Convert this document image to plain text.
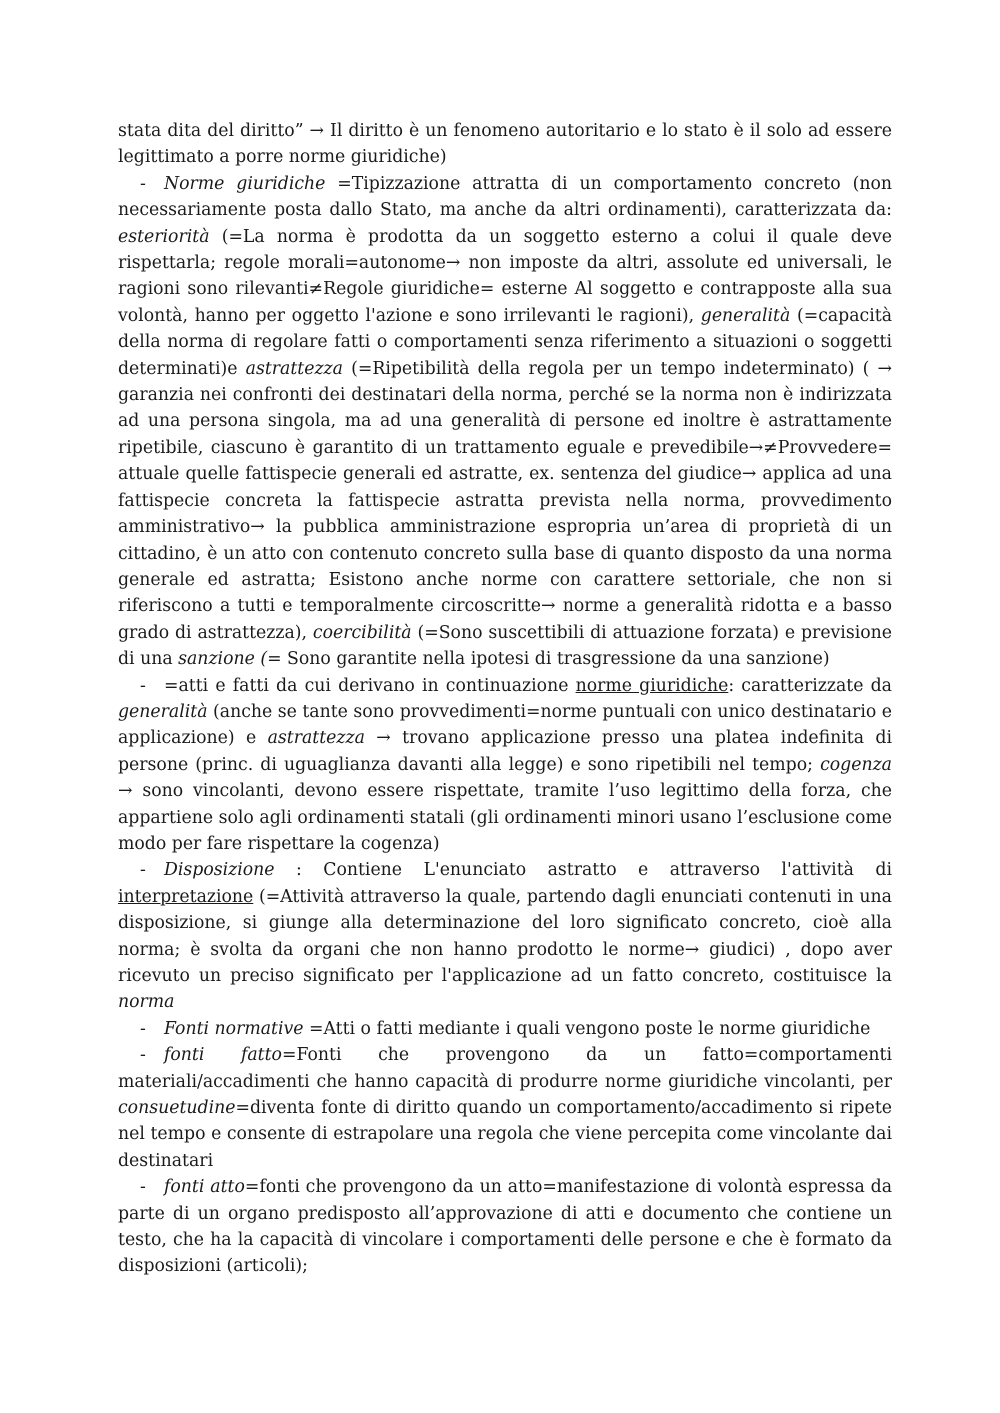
stata dita del diritto” → Il diritto è un fenomeno autoritario e lo stato è il solo ad essere legittimato a porre norme giuridiche)

- Norme giuridiche =Tipizzazione attratta di un comportamento concreto (non necessariamente posta dallo Stato, ma anche da altri ordinamenti), caratterizzata da: esteriorità (=La norma è prodotta da un soggetto esterno a colui il quale deve rispettarla; regole morali=autonome→ non imposte da altri, assolute ed universali, le ragioni sono rilevanti≠Regole giuridiche= esterne Al soggetto e contrapposte alla sua volontà, hanno per oggetto l'azione e sono irrilevanti le ragioni), generalità (=capacità della norma di regolare fatti o comportamenti senza riferimento a situazioni o soggetti determinati)e astrattezza (=Ripetibilità della regola per un tempo indeterminato) ( → garanzia nei confronti dei destinatari della norma, perché se la norma non è indirizzata ad una persona singola, ma ad una generalità di persone ed inoltre è astrattamente ripetibile, ciascuno è garantito di un trattamento eguale e prevedibile→≠Provvedere= attuale quelle fattispecie generali ed astratte, ex. sentenza del giudice→ applica ad una fattispecie concreta la fattispecie astratta prevista nella norma, provvedimento amministrativo→ la pubblica amministrazione espropria un’area di proprietà di un cittadino, è un atto con contenuto concreto sulla base di quanto disposto da una norma generale ed astratta; Esistono anche norme con carattere settoriale, che non si riferiscono a tutti e temporalmente circoscritte→ norme a generalità ridotta e a basso grado di astrattezza), coercibilità (=Sono suscettibili di attuazione forzata) e previsione di una sanzione (= Sono garantite nella ipotesi di trasgressione da una sanzione)

- =atti e fatti da cui derivano in continuazione norme giuridiche: caratterizzate da generalità (anche se tante sono provvedimenti=norme puntuali con unico destinatario e applicazione) e astrattezza → trovano applicazione presso una platea indefinita di persone (princ. di uguaglianza davanti alla legge) e sono ripetibili nel tempo; cogenza → sono vincolanti, devono essere rispettate, tramite l’uso legittimo della forza, che appartiene solo agli ordinamenti statali (gli ordinamenti minori usano l’esclusione come modo per fare rispettare la cogenza)

- Disposizione : Contiene L'enunciato astratto e attraverso l'attività di interpretazione (=Attività attraverso la quale, partendo dagli enunciati contenuti in una disposizione, si giunge alla determinazione del loro significato concreto, cioè alla norma; è svolta da organi che non hanno prodotto le norme→ giudici) , dopo aver ricevuto un preciso significato per l'applicazione ad un fatto concreto, costituisce la norma

- Fonti normative =Atti o fatti mediante i quali vengono poste le norme giuridiche

- fonti fatto=Fonti che provengono da un fatto=comportamenti materiali/accadimenti che hanno capacità di produrre norme giuridiche vincolanti, per consuetudine=diventa fonte di diritto quando un comportamento/accadimento si ripete nel tempo e consente di estrapolare una regola che viene percepita come vincolante dai destinatari

- fonti atto=fonti che provengono da un atto=manifestazione di volontà espressa da parte di un organo predisposto all’approvazione di atti e documento che contiene un testo, che ha la capacità di vincolare i comportamenti delle persone e che è formato da disposizioni (articoli);
